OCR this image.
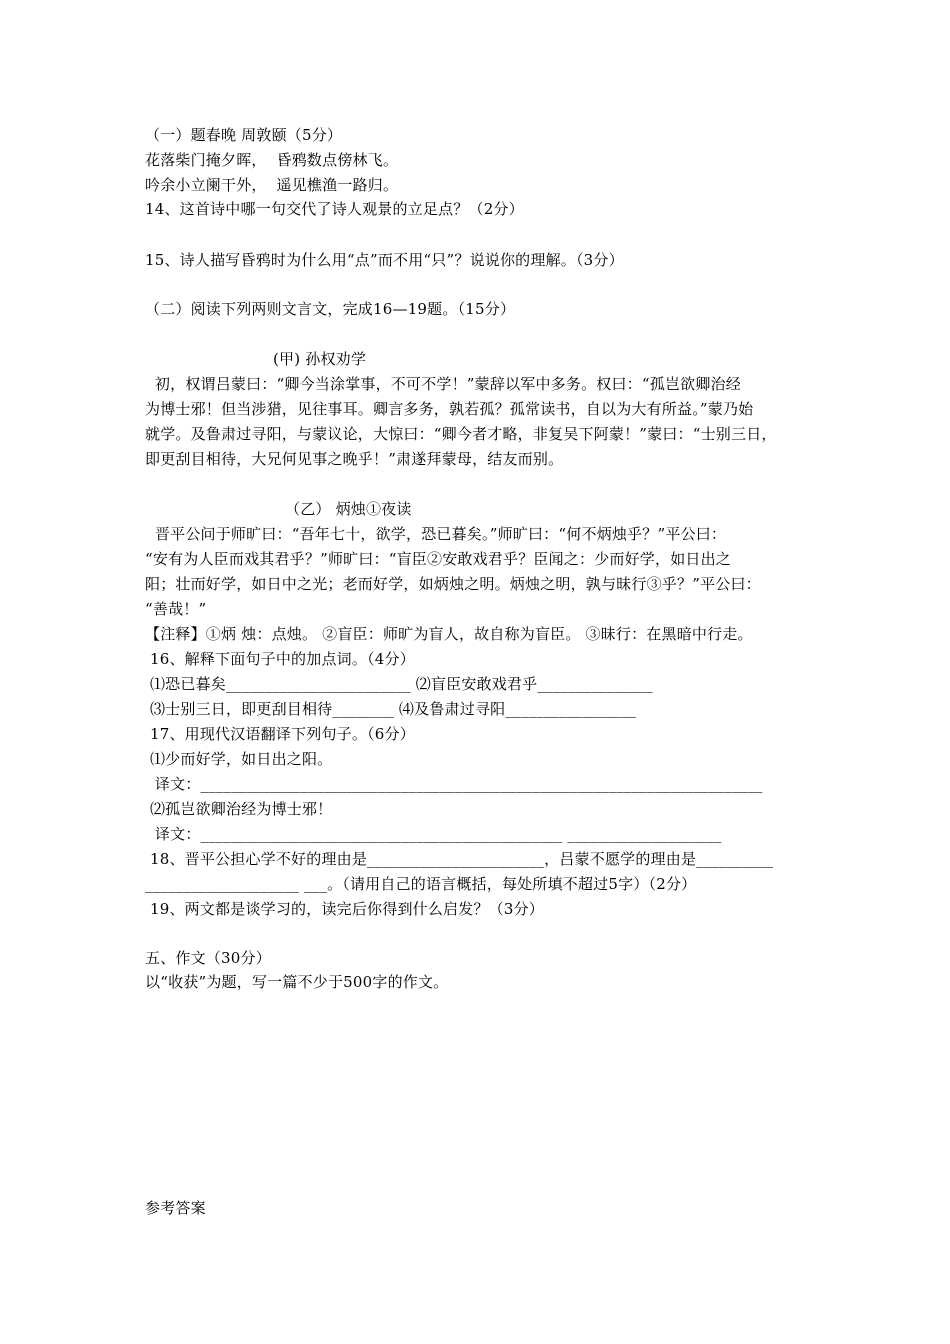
（一）题春晚 周敦颐（5分）
花落柴门掩夕晖，  昏鸦数点傍林飞。
吟余小立阑干外，  遥见樵渔一路归。
14、这首诗中哪一句交代了诗人观景的立足点？（2分）
15、诗人描写昏鸦时为什么用“点”而不用“只”？说说你的理解。（3分）
（二）阅读下列两则文言文，完成16—19题。（15分）
(甲) 孙权劝学
初，权谓吕蒙曰：“卿今当涂掌事，不可不学！”蒙辞以军中多务。权曰：“孤岂欲卿治经
为博士邪！但当涉猎，见往事耳。卿言多务，孰若孤？孤常读书，自以为大有所益。”蒙乃始
就学。及鲁肃过寻阳，与蒙议论，大惊曰：“卿今者才略，非复吴下阿蒙！”蒙曰：“士别三日，
即更刮目相待，大兄何见事之晚乎！”肃遂拜蒙母，结友而别。
（乙） 炳烛①夜读
晋平公问于师旷曰：“吾年七十，欲学，恐已暮矣。”师旷曰：“何不炳烛乎？”平公曰：
“安有为人臣而戏其君乎？”师旷曰：“盲臣②安敢戏君乎？臣闻之：少而好学，如日出之
阳；壮而好学，如日中之光；老而好学，如炳烛之明。炳烛之明，孰与昧行③乎？”平公曰：
“善哉！”
【注释】①炳 烛：点烛。 ②盲臣：师旷为盲人，故自称为盲臣。 ③昧行：在黑暗中行走。
16、解释下面句子中的加点词。（4分）
⑴恐已暮矣________________________ ⑵盲臣安敢戏君乎_______________
⑶士别三日，即更刮目相待________ ⑷及鲁肃过寻阳_________________
17、用现代汉语翻译下列句子。（6分）
⑴少而好学，如日出之阳。
译文：_________________________________________________________________________
⑵孤岂欲卿治经为博士邪！
译文：_______________________________________________ ____________________
18、晋平公担心学不好的理由是_______________________，吕蒙不愿学的理由是__________
____________________ ___。（请用自己的语言概括，每处所填不超过5字）（2分）
19、两文都是谈学习的，读完后你得到什么启发？（3分）
五、作文（30分）
以“收获”为题，写一篇不少于500字的作文。
参考答案
